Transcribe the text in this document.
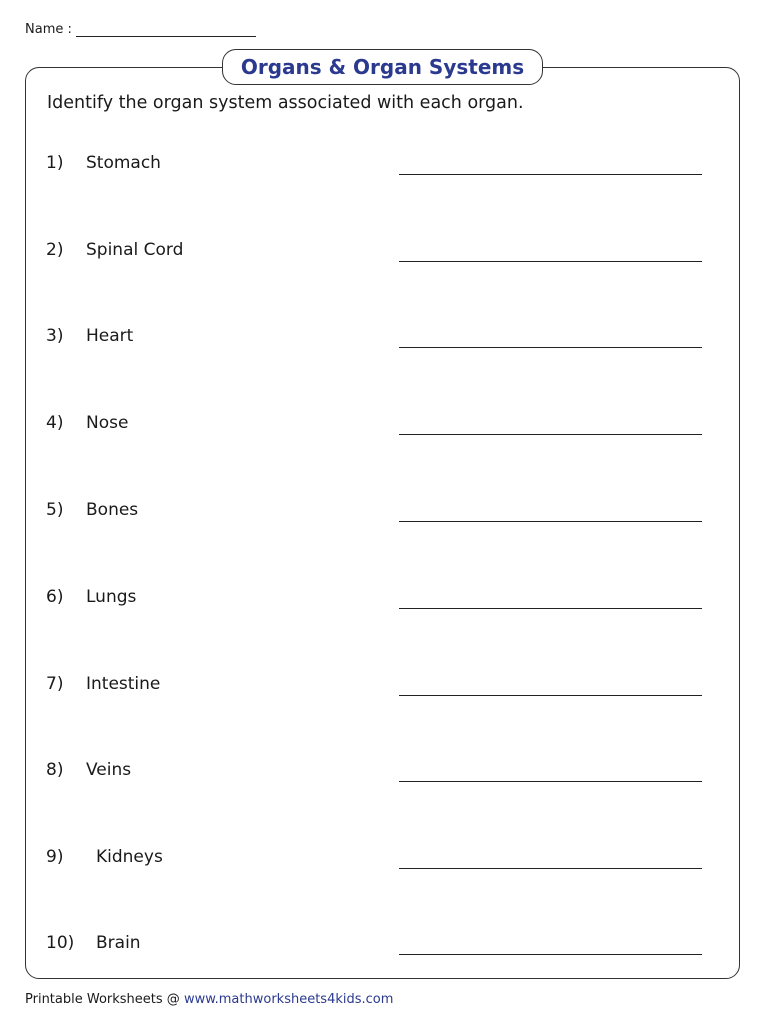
Name :
Organs & Organ Systems
Identify the organ system associated with each organ.
1) Stomach
2) Spinal Cord
3) Heart
4) Nose
5) Bones
6) Lungs
7) Intestine
8) Veins
9) Kidneys
10) Brain
Printable Worksheets @ www.mathworksheets4kids.com
